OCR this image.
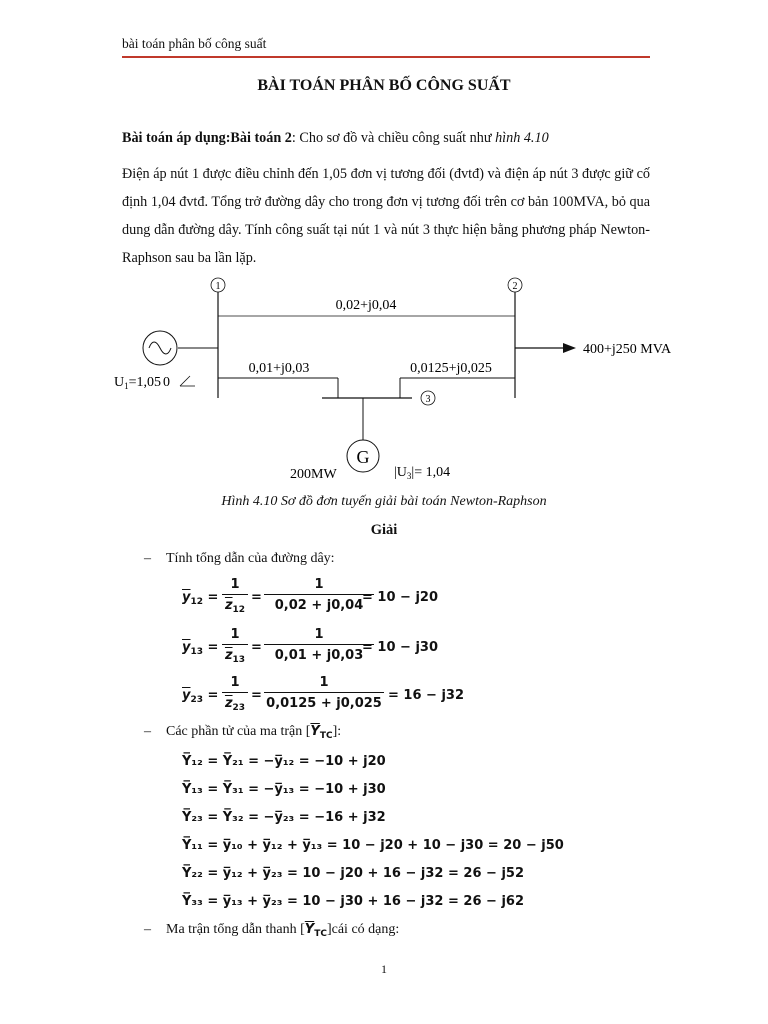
bài toán phân bố công suất
BÀI TOÁN PHÂN BỐ CÔNG SUẤT
Bài toán áp dụng:Bài toán 2: Cho sơ đồ và chiều công suất như hình 4.10
Điện áp nút 1 được điều chỉnh đến 1,05 đơn vị tương đối (đvtđ) và điện áp nút 3 được giữ cố định 1,04 đvtđ. Tổng trở đường dây cho trong đơn vị tương đối trên cơ bản 100MVA, bỏ qua dung dẫn đường dây. Tính công suất tại nút 1 và nút 3 thực hiện bằng phương pháp Newton-Raphson sau ba lần lặp.
1	2
3
0,02+j0,04
0,01+j0,03	0,0125+j0,025
400+j250 MVA
$U_1=1,05$ 0
G
200MW	$|U_3|= 1,04$
Hình 4.10 Sơ đồ đơn tuyến giải bài toán Newton-Raphson
Giải
– Tính tổng dẫn của đường dây:
$\overline{y}_{12} = \frac{1}{\overline{z}_{12}} = \frac{1}{0,02 + j0,04}$
= 10 − j20
$\overline{y}_{13} = \frac{1}{\overline{z}_{13}} = \frac{1}{0,01 + j0,03}$
= 10 − j30
$\overline{y}_{23} = \frac{1}{\overline{z}_{23}} = \frac{1}{0,0125 + j0,025} = 16 - j32$
– Các phần tử của ma trận $[\overline{Y}_{TC}]$:
Y̅₁₂ = Y̅₂₁ = −y̅₁₂ = −10 + j20
Y̅₁₃ = Y̅₃₁ = −y̅₁₃ = −10 + j30
Y̅₂₃ = Y̅₃₂ = −y̅₂₃ = −16 + j32
Y̅₁₁ = y̅₁₀ + y̅₁₂ + y̅₁₃ = 10 − j20 + 10 − j30 = 20 − j50
Y̅₂₂ = y̅₁₂ + y̅₂₃ = 10 − j20 + 16 − j32 = 26 − j52
Y̅₃₃ = y̅₁₃ + y̅₂₃ = 10 − j30 + 16 − j32 = 26 − j62
– Ma trận tổng dẫn thanh $[\overline{Y}_{TC}]cái$ có dạng:
1
